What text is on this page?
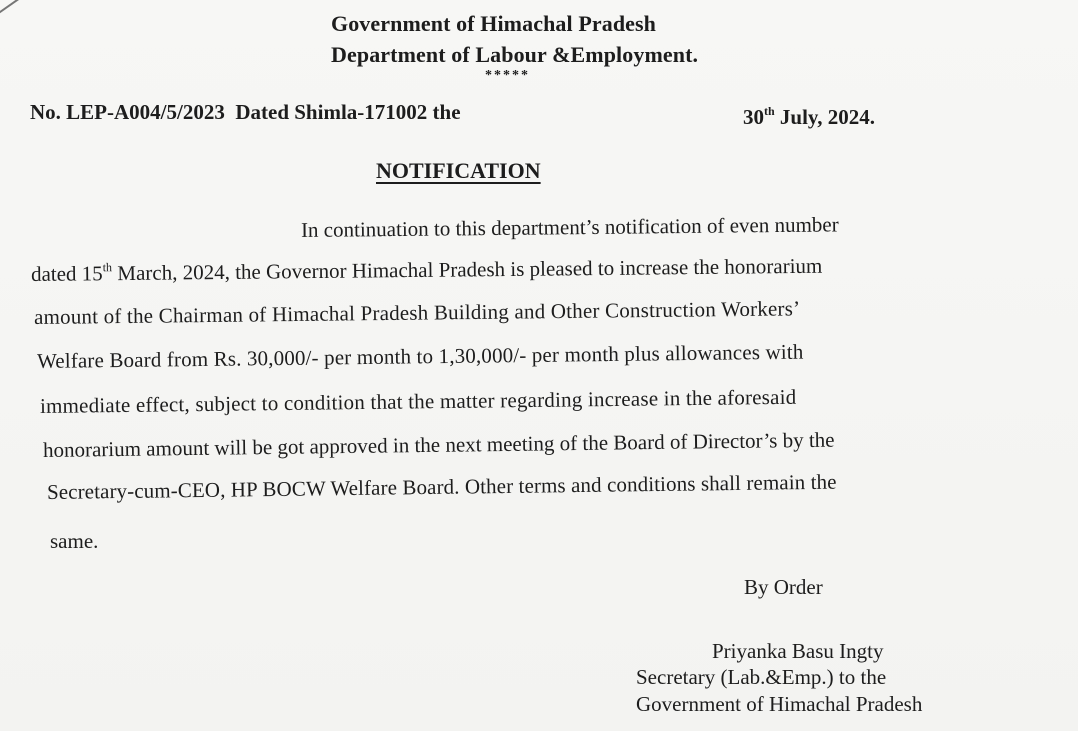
Government of Himachal Pradesh
Department of Labour &Employment.
*****
No. LEP-A004/5/2023 Dated Shimla-171002 the	30th July, 2024.
NOTIFICATION
In continuation to this department’s notification of even number
dated 15th March, 2024, the Governor Himachal Pradesh is pleased to increase the honorarium
amount of the Chairman of Himachal Pradesh Building and Other Construction Workers’
Welfare Board from Rs. 30,000/- per month to 1,30,000/- per month plus allowances with
immediate effect, subject to condition that the matter regarding increase in the aforesaid
honorarium amount will be got approved in the next meeting of the Board of Director’s by the
Secretary-cum-CEO, HP BOCW Welfare Board. Other terms and conditions shall remain the
same.
By Order
Priyanka Basu Ingty
Secretary (Lab.&Emp.) to the
Government of Himachal Pradesh
